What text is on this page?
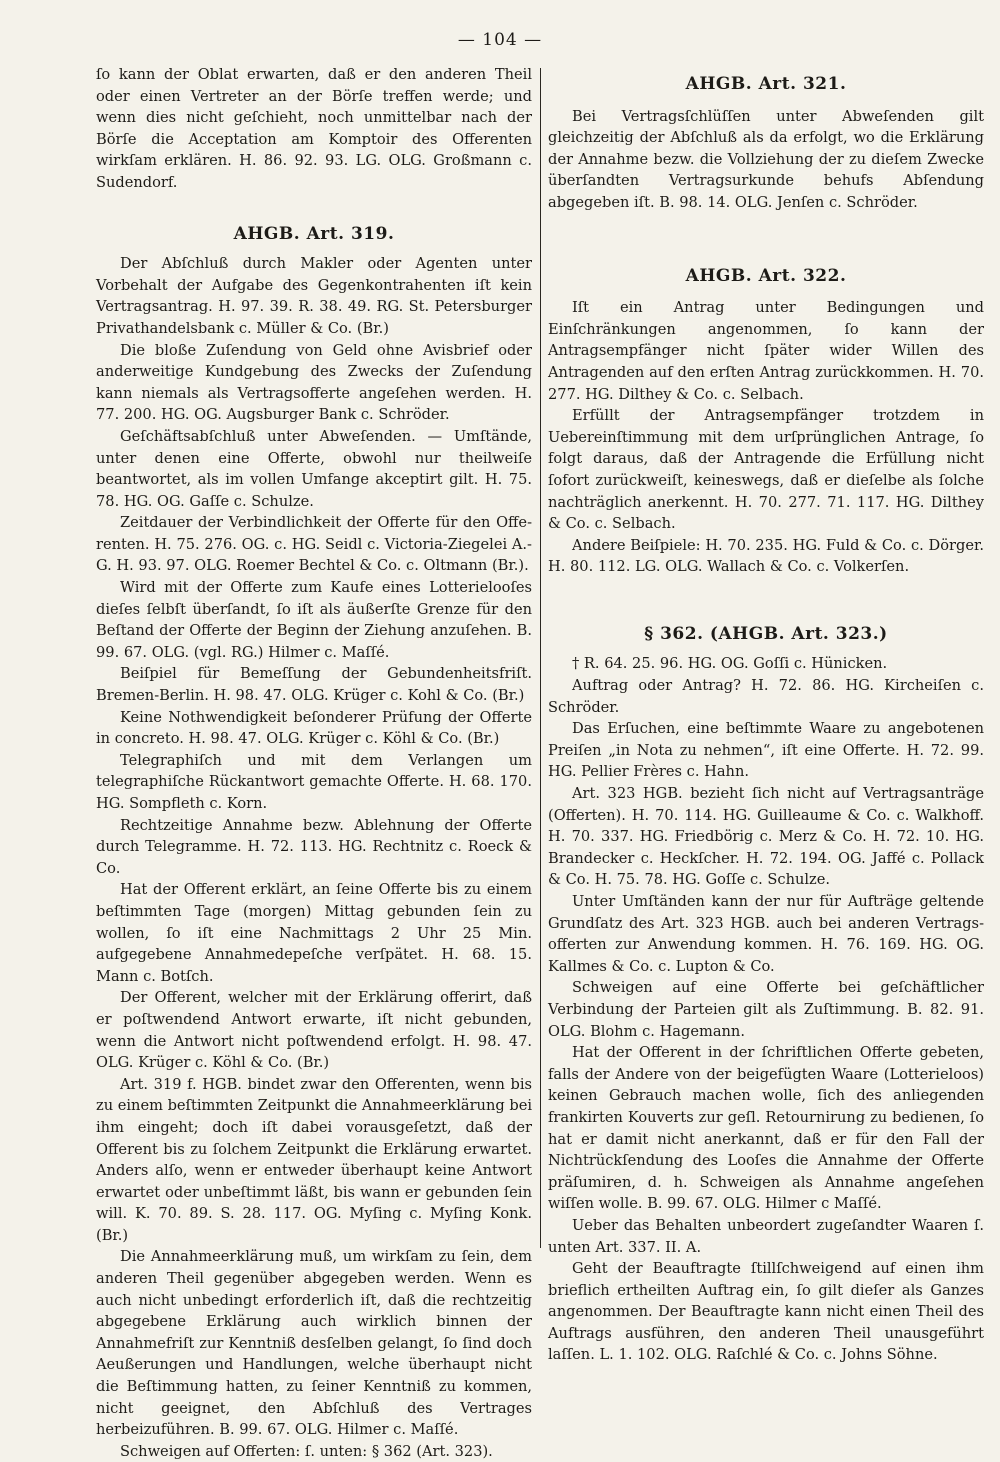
— 104 —

ſo kann der Oblat erwarten, daß er den anderen Theil oder einen Vertreter an der Börſe treffen werde; und wenn dies nicht geſchieht, noch unmittelbar nach der Börſe die Acceptation am Komptoir des Offerenten wirkſam erklären. H. 86. 92. 93. LG. OLG. Großmann c. Sudendorf.

AHGB. Art. 319.

Der Abſchluß durch Makler oder Agenten unter Vorbehalt der Aufgabe des Gegenkontrahenten iſt kein Vertragsantrag. H. 97. 39. R. 38. 49. RG. St. Petersburger Privathandelsbank c. Müller & Co. (Br.)

Die bloße Zuſendung von Geld ohne Avisbrief oder anderweitige Kundgebung des Zwecks der Zuſendung kann niemals als Vertragsofferte angeſehen werden. H. 77. 200. HG. OG. Augsburger Bank c. Schröder.

Geſchäftsabſchluß unter Abweſenden. — Umſtände, unter denen eine Offerte, obwohl nur theilweiſe beantwortet, als im vollen Umfange akceptirt gilt. H. 75. 78. HG. OG. Gaſſe c. Schulze.

Zeitdauer der Verbindlichkeit der Offerte für den Offerenten. H. 75. 276. OG. c. HG. Seidl c. Victoria-Ziegelei A.-G. H. 93. 97. OLG. Roemer Bechtel & Co. c. Oltmann (Br.).

Wird mit der Offerte zum Kaufe eines Lotterielooſes dieſes ſelbſt überſandt, ſo iſt als äußerſte Grenze für den Beſtand der Offerte der Beginn der Ziehung anzuſehen. B. 99. 67. OLG. (vgl. RG.) Hilmer c. Maſſé.

Beiſpiel für Bemeſſung der Gebundenheitsfriſt. Bremen-Berlin. H. 98. 47. OLG. Krüger c. Kohl & Co. (Br.)

Keine Nothwendigkeit beſonderer Prüfung der Offerte in concreto. H. 98. 47. OLG. Krüger c. Köhl & Co. (Br.)

Telegraphiſch und mit dem Verlangen um telegraphiſche Rückantwort gemachte Offerte. H. 68. 170. HG. Sompfleth c. Korn.

Rechtzeitige Annahme bezw. Ablehnung der Offerte durch Telegramme. H. 72. 113. HG. Rechtnitz c. Roeck & Co.

Hat der Offerent erklärt, an ſeine Offerte bis zu einem beſtimmten Tage (morgen) Mittag gebunden ſein zu wollen, ſo iſt eine Nachmittags 2 Uhr 25 Min. aufgegebene Annahmedepeſche verſpätet. H. 68. 15. Mann c. Botſch.

Der Offerent, welcher mit der Erklärung offerirt, daß er poſtwendend Antwort erwarte, iſt nicht gebunden, wenn die Antwort nicht poſtwendend erfolgt. H. 98. 47. OLG. Krüger c. Köhl & Co. (Br.)

Art. 319 f. HGB. bindet zwar den Offerenten, wenn bis zu einem beſtimmten Zeitpunkt die Annahmeerklärung bei ihm eingeht; doch iſt dabei vorausgeſetzt, daß der Offerent bis zu ſolchem Zeitpunkt die Erklärung erwartet. Anders alſo, wenn er entweder überhaupt keine Antwort erwartet oder unbeſtimmt läßt, bis wann er gebunden ſein will. K. 70. 89. S. 28. 117. OG. Myſing c. Myſing Konk. (Br.)

Die Annahmeerklärung muß, um wirkſam zu ſein, dem anderen Theil gegenüber abgegeben werden. Wenn es auch nicht unbedingt erforderlich iſt, daß die rechtzeitig abgegebene Erklärung auch wirklich binnen der Annahmefriſt zur Kenntniß desſelben gelangt, ſo ſind doch Aeußerungen und Handlungen, welche überhaupt nicht die Beſtimmung hatten, zu ſeiner Kenntniß zu kommen, nicht geeignet, den Abſchluß des Vertrages herbeizuführen. B. 99. 67. OLG. Hilmer c. Maſſé.

Schweigen auf Offerten: ſ. unten: § 362 (Art. 323).

AHGB. Art. 321.

Bei Vertragsſchlüſſen unter Abweſenden gilt gleichzeitig der Abſchluß als da erfolgt, wo die Erklärung der Annahme bezw. die Vollziehung der zu dieſem Zwecke überſandten Vertragsurkunde behufs Abſendung abgegeben iſt. B. 98. 14. OLG. Jenſen c. Schröder.

AHGB. Art. 322.

Iſt ein Antrag unter Bedingungen und Einſchränkungen angenommen, ſo kann der Antragsempfänger nicht ſpäter wider Willen des Antragenden auf den erſten Antrag zurückkommen. H. 70. 277. HG. Dilthey & Co. c. Selbach.

Erfüllt der Antragsempfänger trotzdem in Uebereinſtimmung mit dem urſprünglichen Antrage, ſo folgt daraus, daß der Antragende die Erfüllung nicht ſofort zurückweiſt, keineswegs, daß er dieſelbe als ſolche nachträglich anerkennt. H. 70. 277. 71. 117. HG. Dilthey & Co. c. Selbach.

Andere Beiſpiele: H. 70. 235. HG. Fuld & Co. c. Dörger. H. 80. 112. LG. OLG. Wallach & Co. c. Volkerſen.

§ 362. (AHGB. Art. 323.)

† R. 64. 25. 96. HG. OG. Goſſi c. Hünicken.

Auftrag oder Antrag? H. 72. 86. HG. Kircheiſen c. Schröder.

Das Erſuchen, eine beſtimmte Waare zu angebotenen Preiſen „in Nota zu nehmen“, iſt eine Offerte. H. 72. 99. HG. Pellier Frères c. Hahn.

Art. 323 HGB. bezieht ſich nicht auf Vertragsanträge (Offerten). H. 70. 114. HG. Guilleaume & Co. c. Walkhoff. H. 70. 337. HG. Friedbörig c. Merz & Co. H. 72. 10. HG. Brandecker c. Heckſcher. H. 72. 194. OG. Jaffé c. Pollack & Co. H. 75. 78. HG. Goſſe c. Schulze.

Unter Umſtänden kann der nur für Aufträge geltende Grundſatz des Art. 323 HGB. auch bei anderen Vertragsofferten zur Anwendung kommen. H. 76. 169. HG. OG. Kallmes & Co. c. Lupton & Co.

Schweigen auf eine Offerte bei geſchäftlicher Verbindung der Parteien gilt als Zuſtimmung. B. 82. 91. OLG. Blohm c. Hagemann.

Hat der Offerent in der ſchriftlichen Offerte gebeten, falls der Andere von der beigefügten Waare (Lotterieloos) keinen Gebrauch machen wolle, ſich des anliegenden frankirten Kouverts zur geſl. Retournirung zu bedienen, ſo hat er damit nicht anerkannt, daß er für den Fall der Nichtrückſendung des Looſes die Annahme der Offerte präſumiren, d. h. Schweigen als Annahme angeſehen wiſſen wolle. B. 99. 67. OLG. Hilmer c Maſſé.

Ueber das Behalten unbeordert zugeſandter Waaren ſ. unten Art. 337. II. A.

Geht der Beauftragte ſtillſchweigend auf einen ihm brieflich ertheilten Auftrag ein, ſo gilt dieſer als Ganzes angenommen. Der Beauftragte kann nicht einen Theil des Auftrags ausführen, den anderen Theil unausgeführt laſſen. L. 1. 102. OLG. Raſchlé & Co. c. Johns Söhne.
